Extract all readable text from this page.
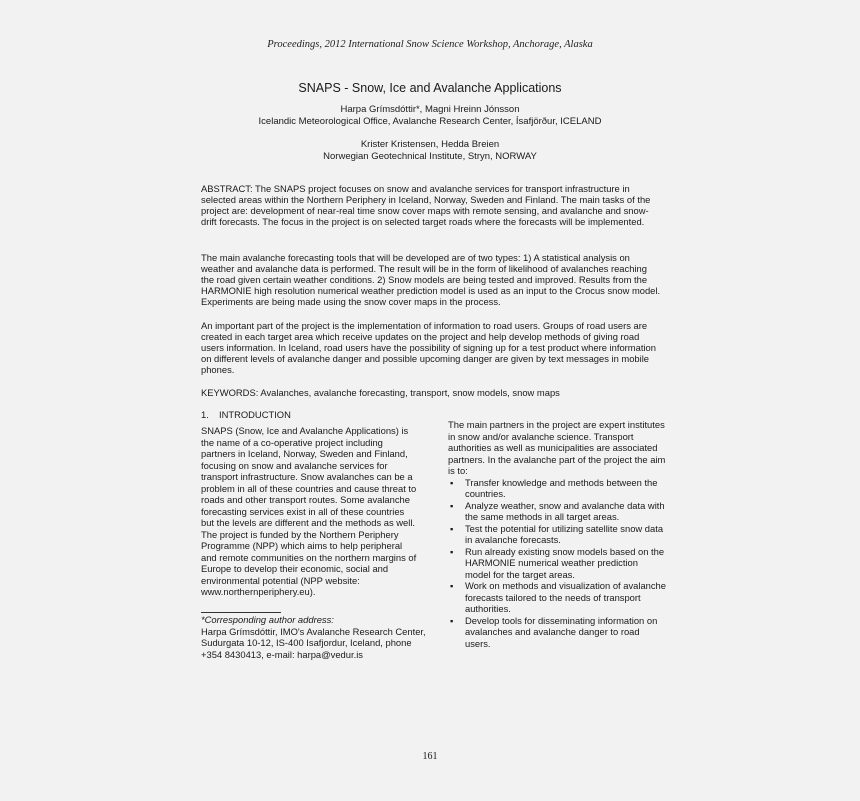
Proceedings, 2012 International Snow Science Workshop, Anchorage, Alaska
SNAPS - Snow, Ice and Avalanche Applications
Harpa Grímsdóttir*, Magni Hreinn Jónsson
Icelandic Meteorological Office, Avalanche Research Center, Ísafjörður, ICELAND
Krister Kristensen, Hedda Breien
Norwegian Geotechnical Institute, Stryn, NORWAY
ABSTRACT: The SNAPS project focuses on snow and avalanche services for transport infrastructure in selected areas within the Northern Periphery in Iceland, Norway, Sweden and Finland. The main tasks of the project are: development of near-real time snow cover maps with remote sensing, and avalanche and snow-drift forecasts. The focus in the project is on selected target roads where the forecasts will be implemented.
The main avalanche forecasting tools that will be developed are of two types: 1) A statistical analysis on weather and avalanche data is performed. The result will be in the form of likelihood of avalanches reaching the road given certain weather conditions. 2) Snow models are being tested and improved. Results from the HARMONIE high resolution numerical weather prediction model is used as an input to the Crocus snow model. Experiments are being made using the snow cover maps in the process.
An important part of the project is the implementation of information to road users. Groups of road users are created in each target area which receive updates on the project and help develop methods of giving road users information. In Iceland, road users have the possibility of signing up for a test product where information on different levels of avalanche danger and possible upcoming danger are given by text messages in mobile phones.
KEYWORDS: Avalanches, avalanche forecasting, transport, snow models, snow maps
1. INTRODUCTION
SNAPS (Snow, Ice and Avalanche Applications) is the name of a co-operative project including partners in Iceland, Norway, Sweden and Finland, focusing on snow and avalanche services for transport infrastructure. Snow avalanches can be a problem in all of these countries and cause threat to roads and other transport routes. Some avalanche forecasting services exist in all of these countries but the levels are different and the methods as well. The project is funded by the Northern Periphery Programme (NPP) which aims to help peripheral and remote communities on the northern margins of Europe to develop their economic, social and environmental potential (NPP website: www.northernperiphery.eu).
*Corresponding author address:
Harpa Grímsdóttir, IMO's Avalanche Research Center, Sudurgata 10-12, IS-400 Isafjordur, Iceland, phone +354 8430413, e-mail: harpa@vedur.is
The main partners in the project are expert institutes in snow and/or avalanche science. Transport authorities as well as municipalities are associated partners. In the avalanche part of the project the aim is to:
▪ Transfer knowledge and methods between the countries.
▪ Analyze weather, snow and avalanche data with the same methods in all target areas.
▪ Test the potential for utilizing satellite snow data in avalanche forecasts.
▪ Run already existing snow models based on the HARMONIE numerical weather prediction model for the target areas.
▪ Work on methods and visualization of avalanche forecasts tailored to the needs of transport authorities.
▪ Develop tools for disseminating information on avalanches and avalanche danger to road users.
161
